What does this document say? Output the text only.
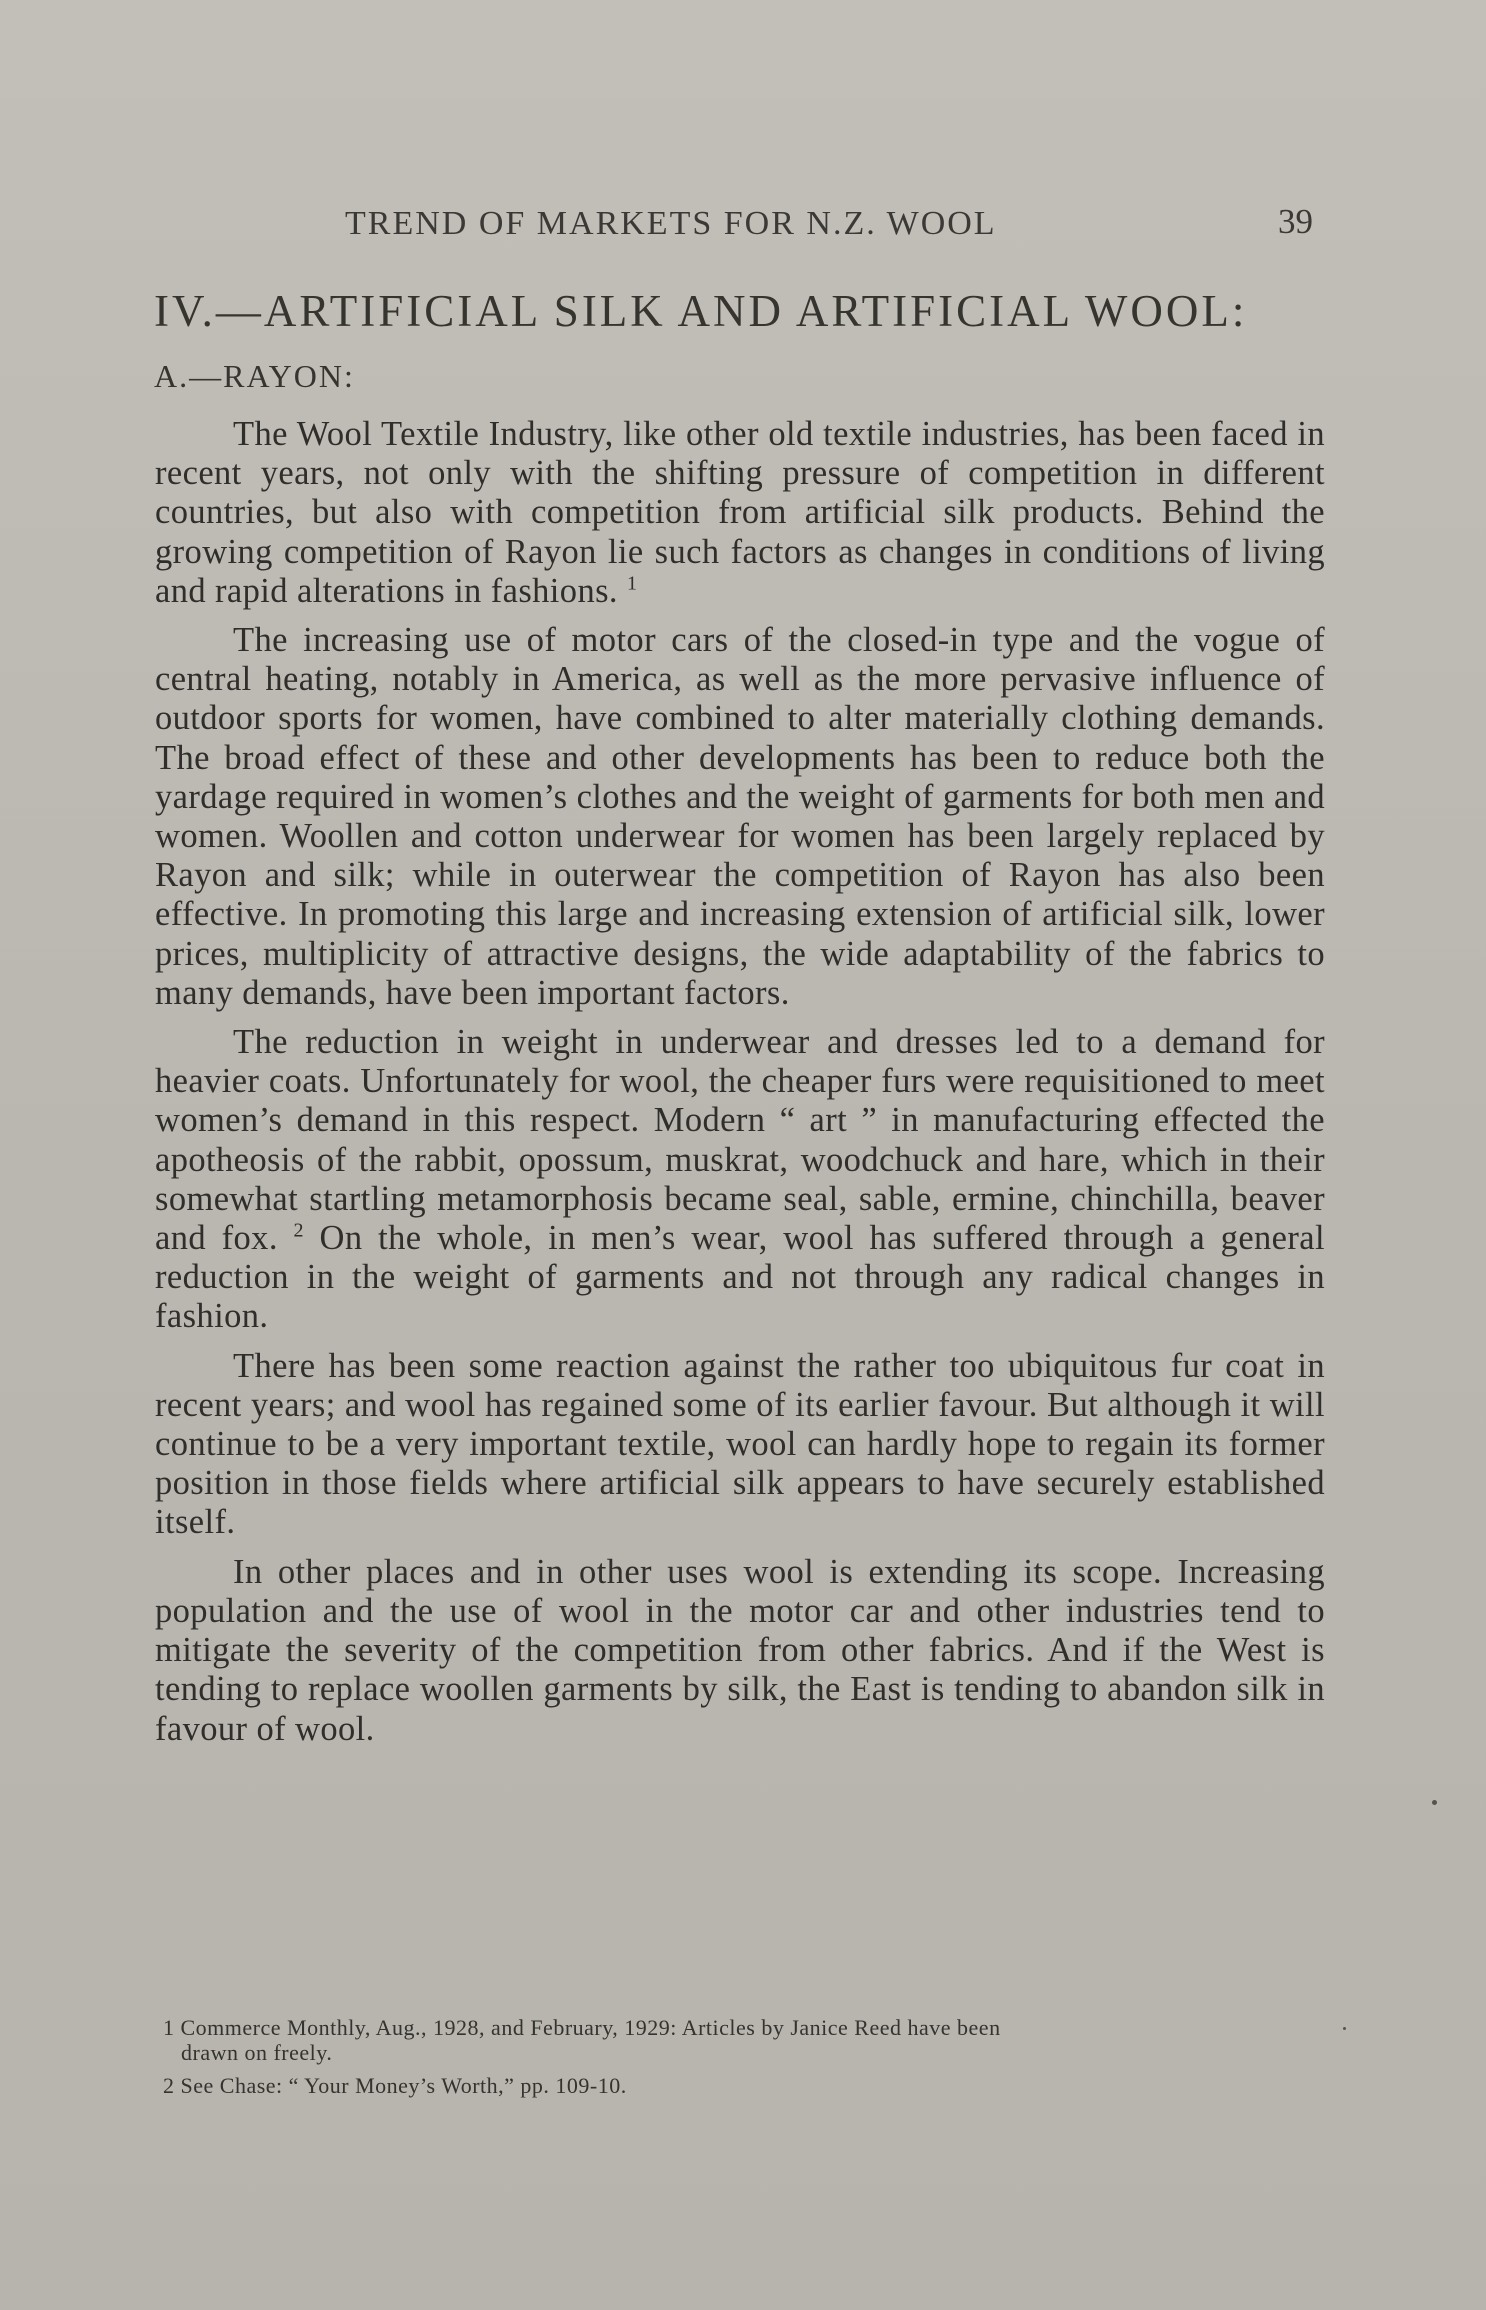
TREND OF MARKETS FOR N.Z. WOOL	39
IV.—ARTIFICIAL SILK AND ARTIFICIAL WOOL:
A.—RAYON:

The Wool Textile Industry, like other old textile industries, has been faced in recent years, not only with the shifting pressure of competition in different countries, but also with competition from artificial silk products. Behind the growing competition of Rayon lie such factors as changes in conditions of living and rapid alterations in fashions. $^1$

The increasing use of motor cars of the closed-in type and the vogue of central heating, notably in America, as well as the more pervasive influence of outdoor sports for women, have combined to alter materially clothing demands. The broad effect of these and other developments has been to reduce both the yardage required in women’s clothes and the weight of garments for both men and women. Woollen and cotton underwear for women has been largely replaced by Rayon and silk; while in outerwear the competition of Rayon has also been effective. In promoting this large and increasing extension of artificial silk, lower prices, multiplicity of attractive designs, the wide adaptability of the fabrics to many demands, have been important factors.

The reduction in weight in underwear and dresses led to a demand for heavier coats. Unfortunately for wool, the cheaper furs were requisitioned to meet women’s demand in this respect. Modern “ art ” in manufacturing effected the apotheosis of the rabbit, opossum, muskrat, woodchuck and hare, which in their somewhat startling metamorphosis became seal, sable, ermine, chinchilla, beaver and fox. $^2$ On the whole, in men’s wear, wool has suffered through a general reduction in the weight of garments and not through any radical changes in fashion.

There has been some reaction against the rather too ubiquitous fur coat in recent years; and wool has regained some of its earlier favour. But although it will continue to be a very important textile, wool can hardly hope to regain its former position in those fields where artificial silk appears to have securely established itself.

In other places and in other uses wool is extending its scope. Increasing population and the use of wool in the motor car and other industries tend to mitigate the severity of the competition from other fabrics. And if the West is tending to replace woollen garments by silk, the East is tending to abandon silk in favour of wool.

1 Commerce Monthly, Aug., 1928, and February, 1929: Articles by Janice Reed have been
drawn on freely.

2 See Chase: “ Your Money’s Worth,” pp. 109-10.
